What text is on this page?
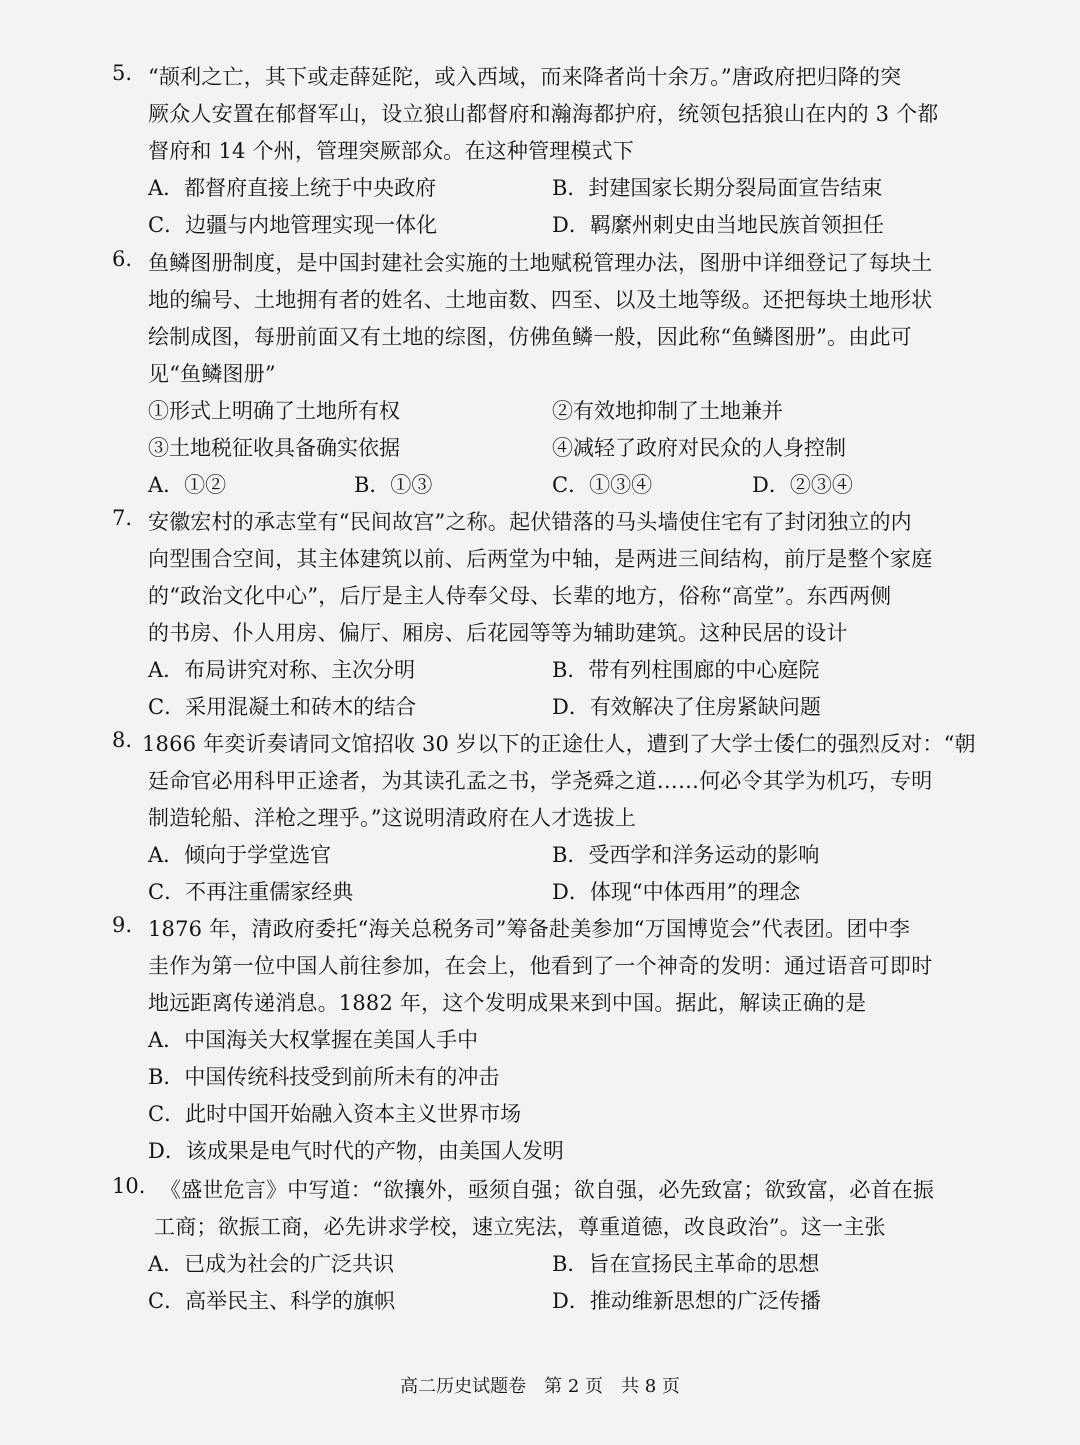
5. “颉利之亡，其下或走薛延陀，或入西域，而来降者尚十余万。”唐政府把归降的突
厥众人安置在郁督军山，设立狼山都督府和瀚海都护府，统领包括狼山在内的 3 个都
督府和 14 个州，管理突厥部众。在这种管理模式下
A．都督府直接上统于中央政府	B．封建国家长期分裂局面宣告结束
C．边疆与内地管理实现一体化	D．羁縻州刺史由当地民族首领担任
6. 鱼鳞图册制度，是中国封建社会实施的土地赋税管理办法，图册中详细登记了每块土
地的编号、土地拥有者的姓名、土地亩数、四至、以及土地等级。还把每块土地形状
绘制成图，每册前面又有土地的综图，仿佛鱼鳞一般，因此称“鱼鳞图册”。由此可
见“鱼鳞图册”
①形式上明确了土地所有权	②有效地抑制了土地兼并
③土地税征收具备确实依据	④减轻了政府对民众的人身控制
A．①②	B．①③	C．①③④	D．②③④
7. 安徽宏村的承志堂有“民间故宫”之称。起伏错落的马头墙使住宅有了封闭独立的内
向型围合空间，其主体建筑以前、后两堂为中轴，是两进三间结构，前厅是整个家庭
的“政治文化中心”，后厅是主人侍奉父母、长辈的地方，俗称“高堂”。东西两侧
的书房、仆人用房、偏厅、厢房、后花园等等为辅助建筑。这种民居的设计
A．布局讲究对称、主次分明	B．带有列柱围廊的中心庭院
C．采用混凝土和砖木的结合	D．有效解决了住房紧缺问题
8. 1866 年奕䜣奏请同文馆招收 30 岁以下的正途仕人，遭到了大学士倭仁的强烈反对：“朝
廷命官必用科甲正途者，为其读孔孟之书，学尧舜之道……何必令其学为机巧，专明
制造轮船、洋枪之理乎。”这说明清政府在人才选拔上
A．倾向于学堂选官	B．受西学和洋务运动的影响
C．不再注重儒家经典	D．体现“中体西用”的理念
9. 1876 年，清政府委托“海关总税务司”筹备赴美参加“万国博览会”代表团。团中李
圭作为第一位中国人前往参加，在会上，他看到了一个神奇的发明：通过语音可即时
地远距离传递消息。1882 年，这个发明成果来到中国。据此，解读正确的是
A．中国海关大权掌握在美国人手中
B．中国传统科技受到前所未有的冲击
C．此时中国开始融入资本主义世界市场
D．该成果是电气时代的产物，由美国人发明
10. 《盛世危言》中写道：“欲攘外，亟须自强；欲自强，必先致富；欲致富，必首在振
工商；欲振工商，必先讲求学校，速立宪法，尊重道德，改良政治”。这一主张
A．已成为社会的广泛共识	B．旨在宣扬民主革命的思想
C．高举民主、科学的旗帜	D．推动维新思想的广泛传播
高二历史试题卷　第 2 页　共 8 页
